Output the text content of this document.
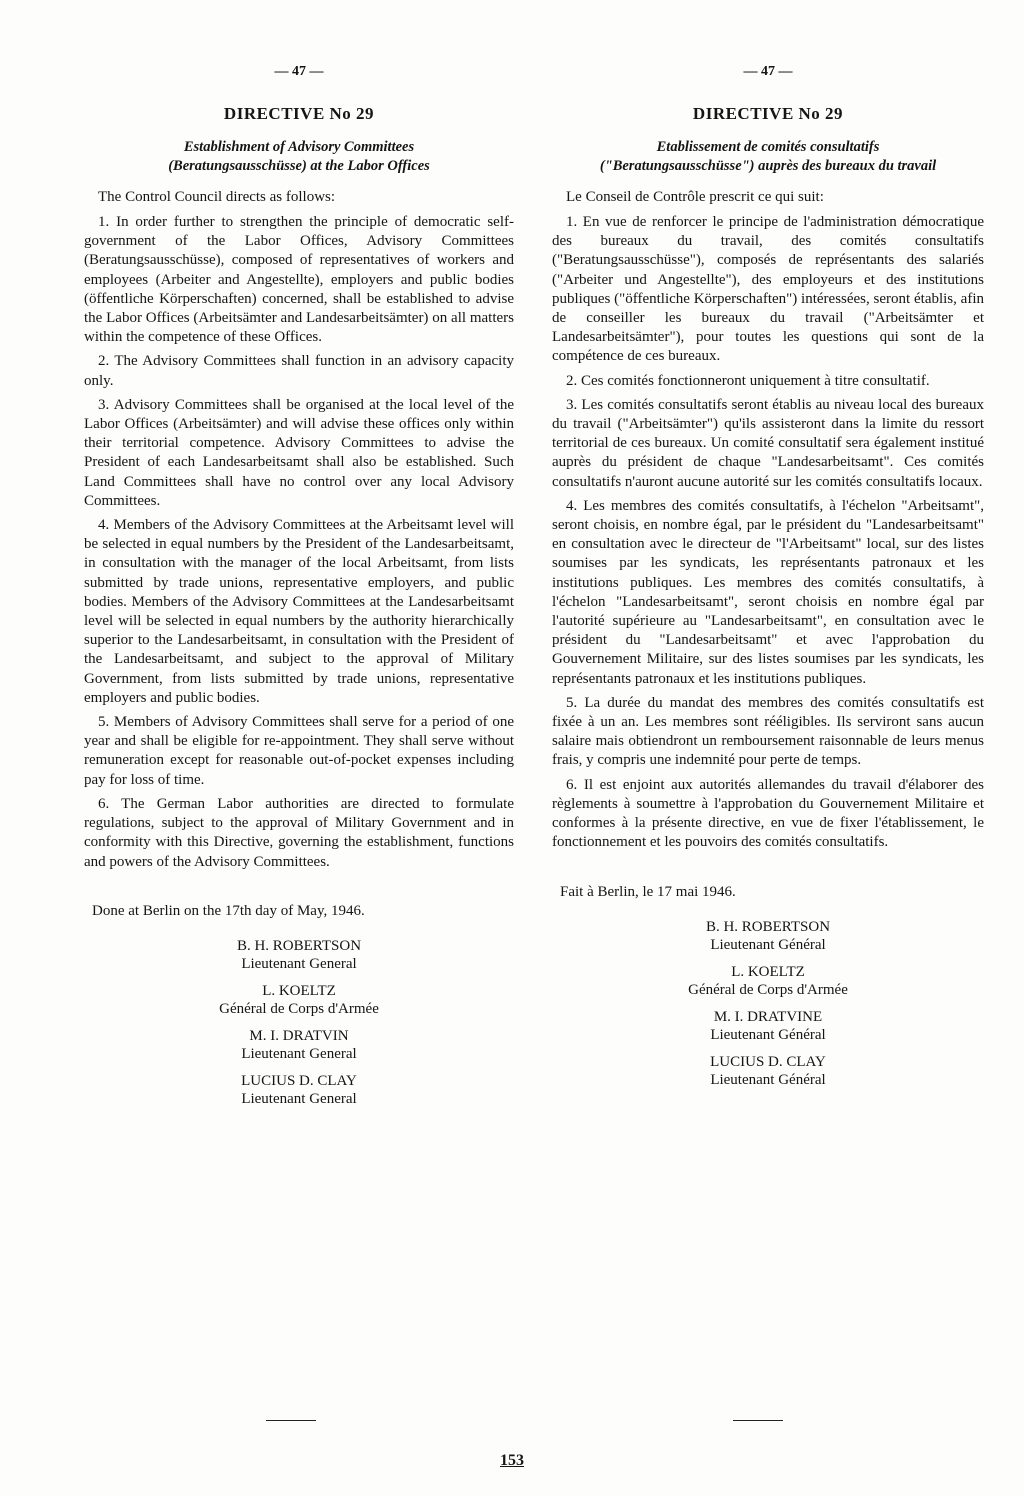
— 47 —
DIRECTIVE No 29
Establishment of Advisory Committees (Beratungsausschüsse) at the Labor Offices
The Control Council directs as follows:
1. In order further to strengthen the principle of democratic self-government of the Labor Offices, Advisory Committees (Beratungsausschüsse), composed of representatives of workers and employees (Arbeiter and Angestellte), employers and public bodies (öffentliche Körperschaften) concerned, shall be established to advise the Labor Offices (Arbeitsämter and Landesarbeitsämter) on all matters within the competence of these Offices.
2. The Advisory Committees shall function in an advisory capacity only.
3. Advisory Committees shall be organised at the local level of the Labor Offices (Arbeitsämter) and will advise these offices only within their territorial competence. Advisory Committees to advise the President of each Landesarbeitsamt shall also be established. Such Land Committees shall have no control over any local Advisory Committees.
4. Members of the Advisory Committees at the Arbeitsamt level will be selected in equal numbers by the President of the Landesarbeitsamt, in consultation with the manager of the local Arbeitsamt, from lists submitted by trade unions, representative employers, and public bodies. Members of the Advisory Committees at the Landesarbeitsamt level will be selected in equal numbers by the authority hierarchically superior to the Landesarbeitsamt, in consultation with the President of the Landesarbeitsamt, and subject to the approval of Military Government, from lists submitted by trade unions, representative employers and public bodies.
5. Members of Advisory Committees shall serve for a period of one year and shall be eligible for re-appointment. They shall serve without remuneration except for reasonable out-of-pocket expenses including pay for loss of time.
6. The German Labor authorities are directed to formulate regulations, subject to the approval of Military Government and in conformity with this Directive, governing the establishment, functions and powers of the Advisory Committees.
Done at Berlin on the 17th day of May, 1946.
B. H. ROBERTSON
Lieutenant General
L. KOELTZ
Général de Corps d'Armée
M. I. DRATVIN
Lieutenant General
LUCIUS D. CLAY
Lieutenant General
— 47 —
DIRECTIVE No 29
Etablissement de comités consultatifs ("Beratungsausschüsse") auprès des bureaux du travail
Le Conseil de Contrôle prescrit ce qui suit:
1. En vue de renforcer le principe de l'administration démocratique des bureaux du travail, des comités consultatifs ("Beratungsausschüsse"), composés de représentants des salariés ("Arbeiter und Angestellte"), des employeurs et des institutions publiques ("öffentliche Körperschaften") intéressées, seront établis, afin de conseiller les bureaux du travail ("Arbeitsämter et Landesarbeitsämter"), pour toutes les questions qui sont de la compétence de ces bureaux.
2. Ces comités fonctionneront uniquement à titre consultatif.
3. Les comités consultatifs seront établis au niveau local des bureaux du travail ("Arbeitsämter") qu'ils assisteront dans la limite du ressort territorial de ces bureaux. Un comité consultatif sera également institué auprès du président de chaque "Landesarbeitsamt". Ces comités consultatifs n'auront aucune autorité sur les comités consultatifs locaux.
4. Les membres des comités consultatifs, à l'échelon "Arbeitsamt", seront choisis, en nombre égal, par le président du "Landesarbeitsamt" en consultation avec le directeur de "l'Arbeitsamt" local, sur des listes soumises par les syndicats, les représentants patronaux et les institutions publiques. Les membres des comités consultatifs, à l'échelon "Landesarbeitsamt", seront choisis en nombre égal par l'autorité supérieure au "Landesarbeitsamt", en consultation avec le président du "Landesarbeitsamt" et avec l'approbation du Gouvernement Militaire, sur des listes soumises par les syndicats, les représentants patronaux et les institutions publiques.
5. La durée du mandat des membres des comités consultatifs est fixée à un an. Les membres sont rééligibles. Ils serviront sans aucun salaire mais obtiendront un remboursement raisonnable de leurs menus frais, y compris une indemnité pour perte de temps.
6. Il est enjoint aux autorités allemandes du travail d'élaborer des règlements à soumettre à l'approbation du Gouvernement Militaire et conformes à la présente directive, en vue de fixer l'établissement, le fonctionnement et les pouvoirs des comités consultatifs.
Fait à Berlin, le 17 mai 1946.
B. H. ROBERTSON
Lieutenant Général
L. KOELTZ
Général de Corps d'Armée
M. I. DRATVINE
Lieutenant Général
LUCIUS D. CLAY
Lieutenant Général
153
